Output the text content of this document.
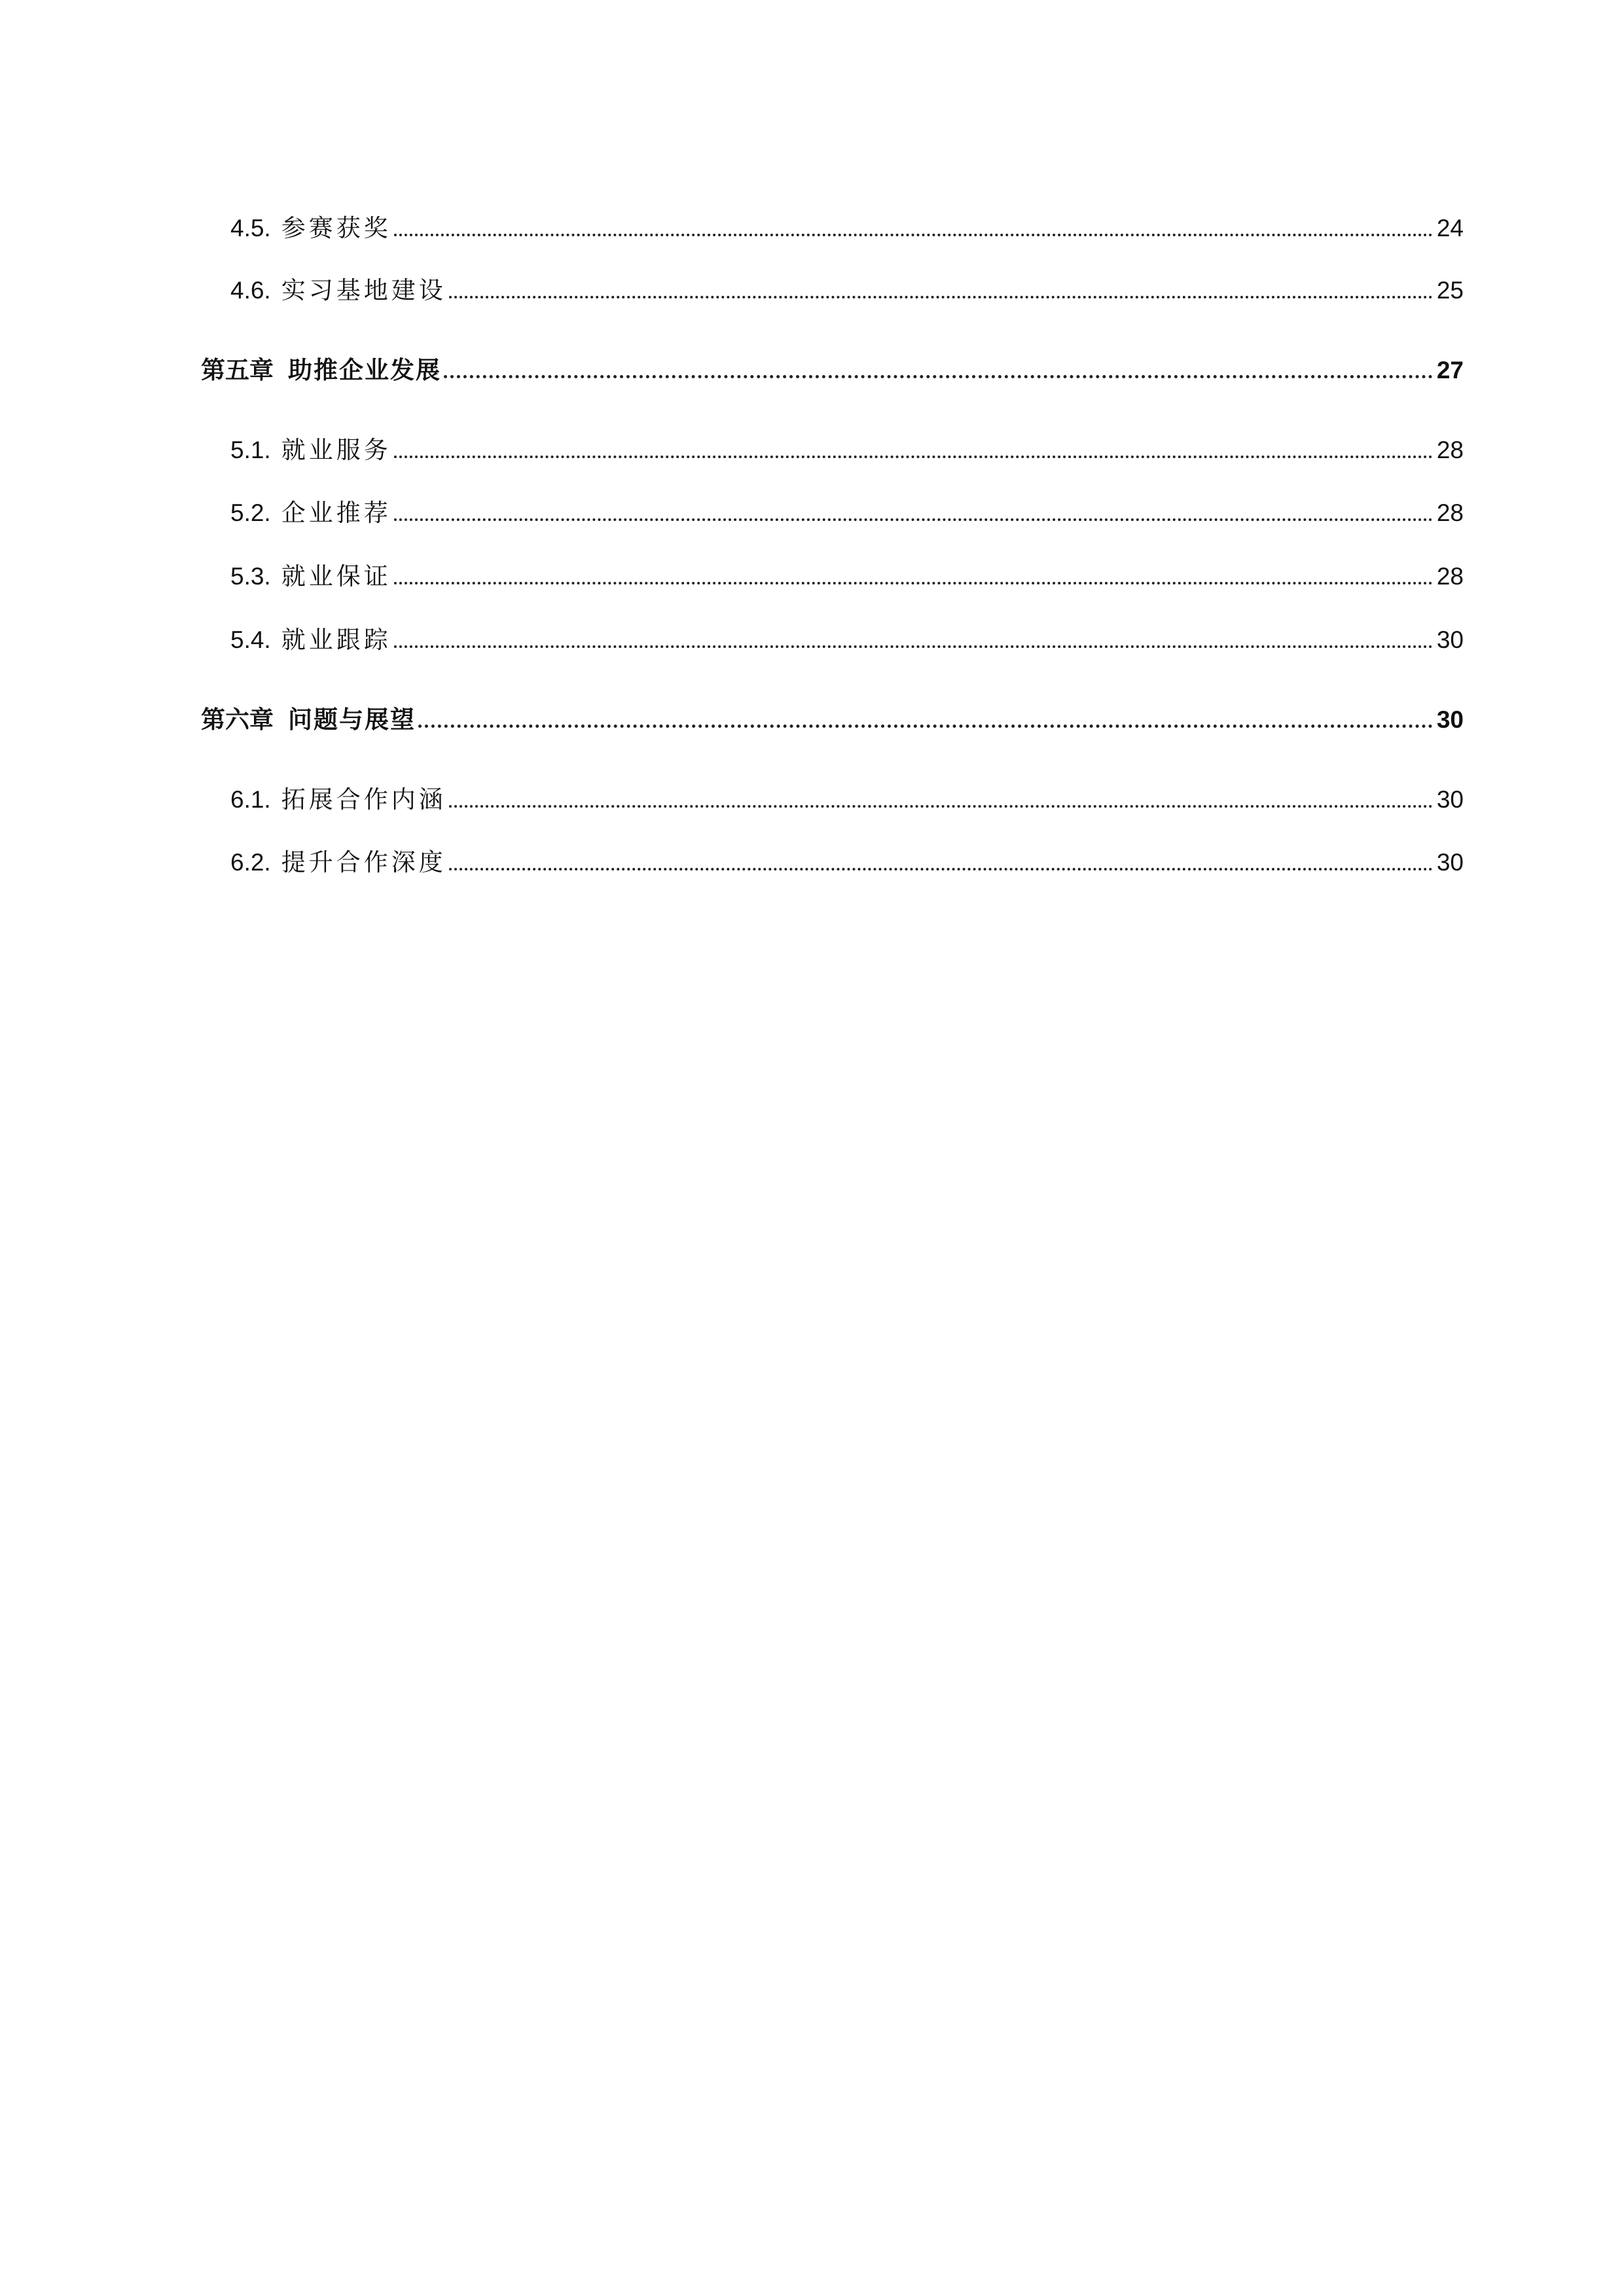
4.5. 参赛获奖	24
4.6. 实习基地建设	25
第五章 助推企业发展	27
5.1. 就业服务	28
5.2. 企业推荐	28
5.3. 就业保证	28
5.4. 就业跟踪	30
第六章 问题与展望	30
6.1. 拓展合作内涵	30
6.2. 提升合作深度	30
